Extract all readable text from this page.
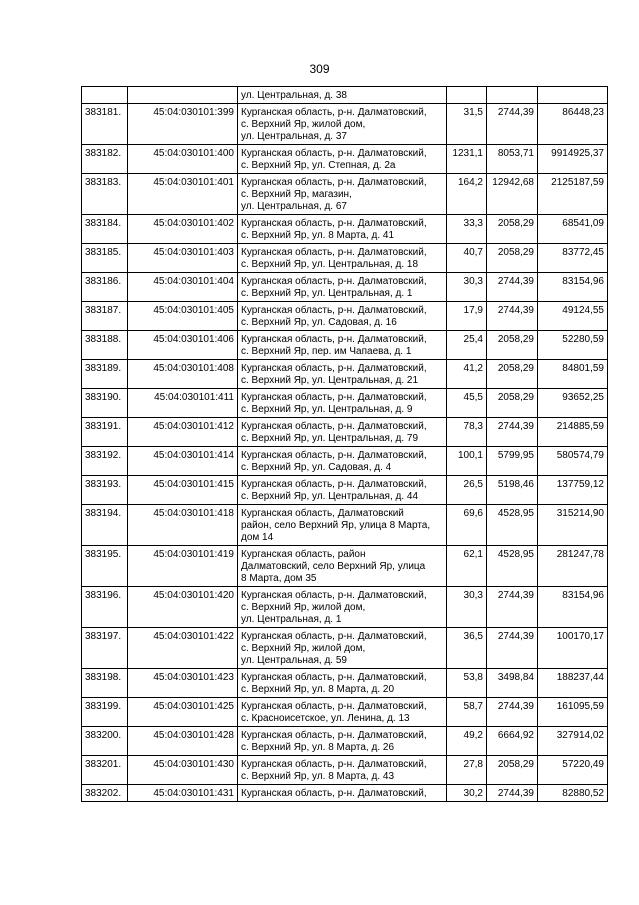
309
		ул. Центральная, д. 38			
383181.	45:04:030101:399	Курганская область, р-н. Далматовский,
с. Верхний Яр, жилой дом,
ул. Центральная, д. 37	31,5	2744,39	86448,23
383182.	45:04:030101:400	Курганская область, р-н. Далматовский,
с. Верхний Яр, ул. Степная, д. 2а	1231,1	8053,71	9914925,37
383183.	45:04:030101:401	Курганская область, р-н. Далматовский,
с. Верхний Яр, магазин,
ул. Центральная, д. 67	164,2	12942,68	2125187,59
383184.	45:04:030101:402	Курганская область, р-н. Далматовский,
с. Верхний Яр, ул. 8 Марта, д. 41	33,3	2058,29	68541,09
383185.	45:04:030101:403	Курганская область, р-н. Далматовский,
с. Верхний Яр, ул. Центральная, д. 18	40,7	2058,29	83772,45
383186.	45:04:030101:404	Курганская область, р-н. Далматовский,
с. Верхний Яр, ул. Центральная, д. 1	30,3	2744,39	83154,96
383187.	45:04:030101:405	Курганская область, р-н. Далматовский,
с. Верхний Яр, ул. Садовая, д. 16	17,9	2744,39	49124,55
383188.	45:04:030101:406	Курганская область, р-н. Далматовский,
с. Верхний Яр, пер. им Чапаева, д. 1	25,4	2058,29	52280,59
383189.	45:04:030101:408	Курганская область, р-н. Далматовский,
с. Верхний Яр, ул. Центральная, д. 21	41,2	2058,29	84801,59
383190.	45:04:030101:411	Курганская область, р-н. Далматовский,
с. Верхний Яр, ул. Центральная, д. 9	45,5	2058,29	93652,25
383191.	45:04:030101:412	Курганская область, р-н. Далматовский,
с. Верхний Яр, ул. Центральная, д. 79	78,3	2744,39	214885,59
383192.	45:04:030101:414	Курганская область, р-н. Далматовский,
с. Верхний Яр, ул. Садовая, д. 4	100,1	5799,95	580574,79
383193.	45:04:030101:415	Курганская область, р-н. Далматовский,
с. Верхний Яр, ул. Центральная, д. 44	26,5	5198,46	137759,12
383194.	45:04:030101:418	Курганская область, Далматовский
район, село Верхний Яр, улица 8 Марта,
дом 14	69,6	4528,95	315214,90
383195.	45:04:030101:419	Курганская область, район
Далматовский, село Верхний Яр, улица
8 Марта, дом 35	62,1	4528,95	281247,78
383196.	45:04:030101:420	Курганская область, р-н. Далматовский,
с. Верхний Яр, жилой дом,
ул. Центральная, д. 1	30,3	2744,39	83154,96
383197.	45:04:030101:422	Курганская область, р-н. Далматовский,
с. Верхний Яр, жилой дом,
ул. Центральная, д. 59	36,5	2744,39	100170,17
383198.	45:04:030101:423	Курганская область, р-н. Далматовский,
с. Верхний Яр, ул. 8 Марта, д. 20	53,8	3498,84	188237,44
383199.	45:04:030101:425	Курганская область, р-н. Далматовский,
с. Красноисетское, ул. Ленина, д. 13	58,7	2744,39	161095,59
383200.	45:04:030101:428	Курганская область, р-н. Далматовский,
с. Верхний Яр, ул. 8 Марта, д. 26	49,2	6664,92	327914,02
383201.	45:04:030101:430	Курганская область, р-н. Далматовский,
с. Верхний Яр, ул. 8 Марта, д. 43	27,8	2058,29	57220,49
383202.	45:04:030101:431	Курганская область, р-н. Далматовский,	30,2	2744,39	82880,52
